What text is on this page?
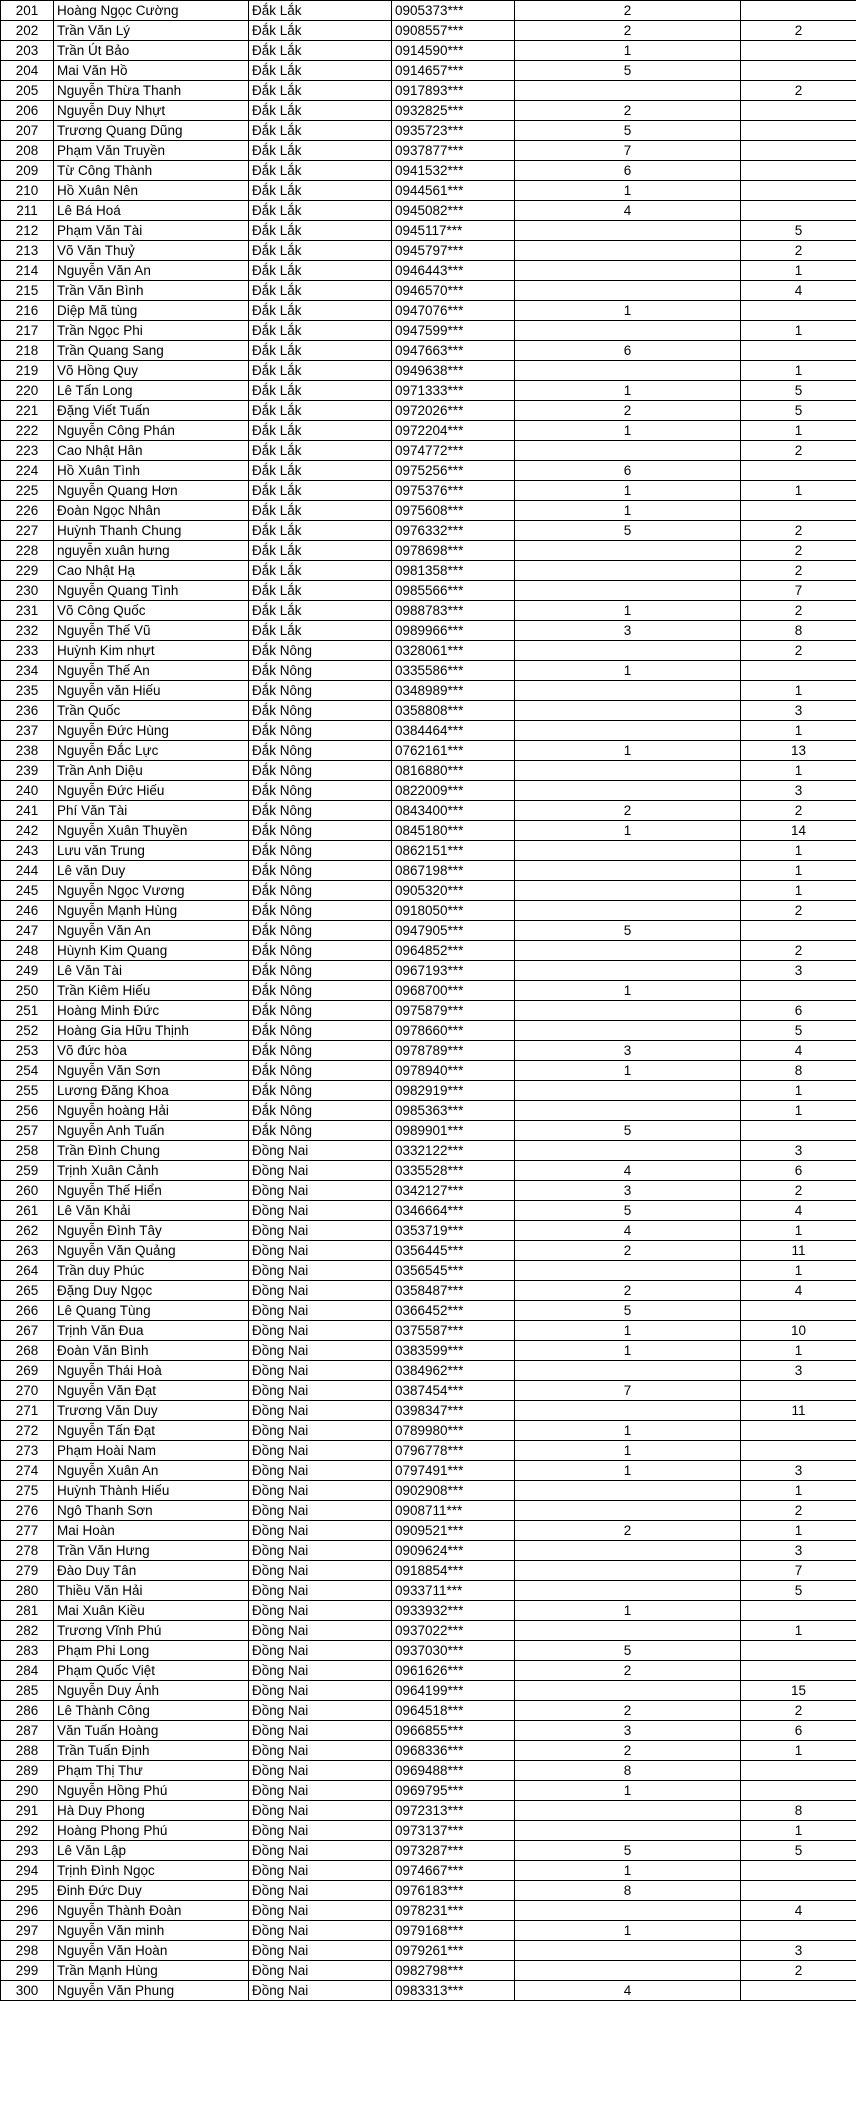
201	Hoàng Ngọc Cường	Đắk Lắk	0905373***	2	
202	Trần Văn Lý	Đắk Lắk	0908557***	2	2
203	Trần Út Bảo	Đắk Lắk	0914590***	1	
204	Mai Văn Hồ	Đắk Lắk	0914657***	5	
205	Nguyễn Thừa Thanh	Đắk Lắk	0917893***		2
206	Nguyễn Duy Nhựt	Đắk Lắk	0932825***	2	
207	Trương Quang Dũng	Đắk Lắk	0935723***	5	
208	Phạm Văn Truyền	Đắk Lắk	0937877***	7	
209	Từ Công Thành	Đắk Lắk	0941532***	6	
210	Hồ Xuân Nên	Đắk Lắk	0944561***	1	
211	Lê Bá Hoá	Đắk Lắk	0945082***	4	
212	Phạm Văn Tài	Đắk Lắk	0945117***		5
213	Võ Văn Thuỷ	Đắk Lắk	0945797***		2
214	Nguyễn Văn An	Đắk Lắk	0946443***		1
215	Trần Văn Bình	Đắk Lắk	0946570***		4
216	Diệp Mã tùng	Đắk Lắk	0947076***	1	
217	Trần Ngọc Phi	Đắk Lắk	0947599***		1
218	Trần Quang Sang	Đắk Lắk	0947663***	6	
219	Võ Hồng Quy	Đắk Lắk	0949638***		1
220	Lê Tấn Long	Đắk Lắk	0971333***	1	5
221	Đặng Viết Tuấn	Đắk Lắk	0972026***	2	5
222	Nguyễn Công Phán	Đắk Lắk	0972204***	1	1
223	Cao Nhật Hân	Đắk Lắk	0974772***		2
224	Hồ Xuân Tình	Đắk Lắk	0975256***	6	
225	Nguyễn Quang Hơn	Đắk Lắk	0975376***	1	1
226	Đoàn Ngọc Nhân	Đắk Lắk	0975608***	1	
227	Huỳnh Thanh Chung	Đắk Lắk	0976332***	5	2
228	nguyễn xuân hưng	Đắk Lắk	0978698***		2
229	Cao Nhật Hạ	Đắk Lắk	0981358***		2
230	Nguyễn Quang Tình	Đắk Lắk	0985566***		7
231	Võ Công Quốc	Đắk Lắk	0988783***	1	2
232	Nguyễn Thế Vũ	Đắk Lắk	0989966***	3	8
233	Huỳnh Kim nhựt	Đắk Nông	0328061***		2
234	Nguyễn Thế An	Đắk Nông	0335586***	1	
235	Nguyễn văn Hiếu	Đắk Nông	0348989***		1
236	Trần Quốc	Đắk Nông	0358808***		3
237	Nguyễn Đức Hùng	Đắk Nông	0384464***		1
238	Nguyễn Đắc Lực	Đắk Nông	0762161***	1	13
239	Trần Anh Diệu	Đắk Nông	0816880***		1
240	Nguyễn Đức Hiếu	Đắk Nông	0822009***		3
241	Phí Văn Tài	Đắk Nông	0843400***	2	2
242	Nguyễn Xuân Thuyền	Đắk Nông	0845180***	1	14
243	Lưu văn Trung	Đắk Nông	0862151***		1
244	Lê văn Duy	Đắk Nông	0867198***		1
245	Nguyễn Ngọc Vương	Đắk Nông	0905320***		1
246	Nguyễn Mạnh Hùng	Đắk Nông	0918050***		2
247	Nguyễn Văn An	Đắk Nông	0947905***	5	
248	Hùynh Kim Quang	Đắk Nông	0964852***		2
249	Lê Văn Tài	Đắk Nông	0967193***		3
250	Trần Kiêm Hiếu	Đắk Nông	0968700***	1	
251	Hoàng Minh Đức	Đắk Nông	0975879***		6
252	Hoàng Gia Hữu Thịnh	Đắk Nông	0978660***		5
253	Võ đức hòa	Đắk Nông	0978789***	3	4
254	Nguyễn Văn Sơn	Đắk Nông	0978940***	1	8
255	Lương Đăng Khoa	Đắk Nông	0982919***		1
256	Nguyễn hoàng Hải	Đắk Nông	0985363***		1
257	Nguyễn Anh Tuấn	Đắk Nông	0989901***	5	
258	Trần Đình Chung	Đồng Nai	0332122***		3
259	Trịnh Xuân Cảnh	Đồng Nai	0335528***	4	6
260	Nguyễn Thế Hiển	Đồng Nai	0342127***	3	2
261	Lê Văn Khải	Đồng Nai	0346664***	5	4
262	Nguyễn Đình Tây	Đồng Nai	0353719***	4	1
263	Nguyễn Văn Quảng	Đồng Nai	0356445***	2	11
264	Trần duy Phúc	Đồng Nai	0356545***		1
265	Đặng Duy Ngọc	Đồng Nai	0358487***	2	4
266	Lê Quang Tùng	Đồng Nai	0366452***	5	
267	Trịnh Văn Đua	Đồng Nai	0375587***	1	10
268	Đoàn Văn Bình	Đồng Nai	0383599***	1	1
269	Nguyễn Thái Hoà	Đồng Nai	0384962***		3
270	Nguyễn Văn Đạt	Đồng Nai	0387454***	7	
271	Trương Văn Duy	Đồng Nai	0398347***		11
272	Nguyễn Tấn Đạt	Đồng Nai	0789980***	1	
273	Phạm Hoài Nam	Đồng Nai	0796778***	1	
274	Nguyễn Xuân An	Đồng Nai	0797491***	1	3
275	Huỳnh Thành Hiếu	Đồng Nai	0902908***		1
276	Ngô Thanh Sơn	Đồng Nai	0908711***		2
277	Mai Hoàn	Đồng Nai	0909521***	2	1
278	Trần Văn Hưng	Đồng Nai	0909624***		3
279	Đào Duy Tân	Đồng Nai	0918854***		7
280	Thiều Văn Hải	Đồng Nai	0933711***		5
281	Mai Xuân Kiều	Đồng Nai	0933932***	1	
282	Trương Vĩnh Phú	Đồng Nai	0937022***		1
283	Phạm Phi Long	Đồng Nai	0937030***	5	
284	Phạm Quốc Việt	Đồng Nai	0961626***	2	
285	Nguyễn Duy Ánh	Đồng Nai	0964199***		15
286	Lê Thành Công	Đồng Nai	0964518***	2	2
287	Văn Tuấn Hoàng	Đồng Nai	0966855***	3	6
288	Trần Tuấn Định	Đồng Nai	0968336***	2	1
289	Phạm Thị Thư	Đồng Nai	0969488***	8	
290	Nguyễn Hồng Phú	Đồng Nai	0969795***	1	
291	Hà Duy Phong	Đồng Nai	0972313***		8
292	Hoàng Phong Phú	Đồng Nai	0973137***		1
293	Lê Văn Lập	Đồng Nai	0973287***	5	5
294	Trịnh Đình Ngọc	Đồng Nai	0974667***	1	
295	Đinh Đức Duy	Đồng Nai	0976183***	8	
296	Nguyễn Thành Đoàn	Đồng Nai	0978231***		4
297	Nguyễn Văn minh	Đồng Nai	0979168***	1	
298	Nguyễn Văn Hoàn	Đồng Nai	0979261***		3
299	Trần Mạnh Hùng	Đồng Nai	0982798***		2
300	Nguyễn Văn Phung	Đồng Nai	0983313***	4	
